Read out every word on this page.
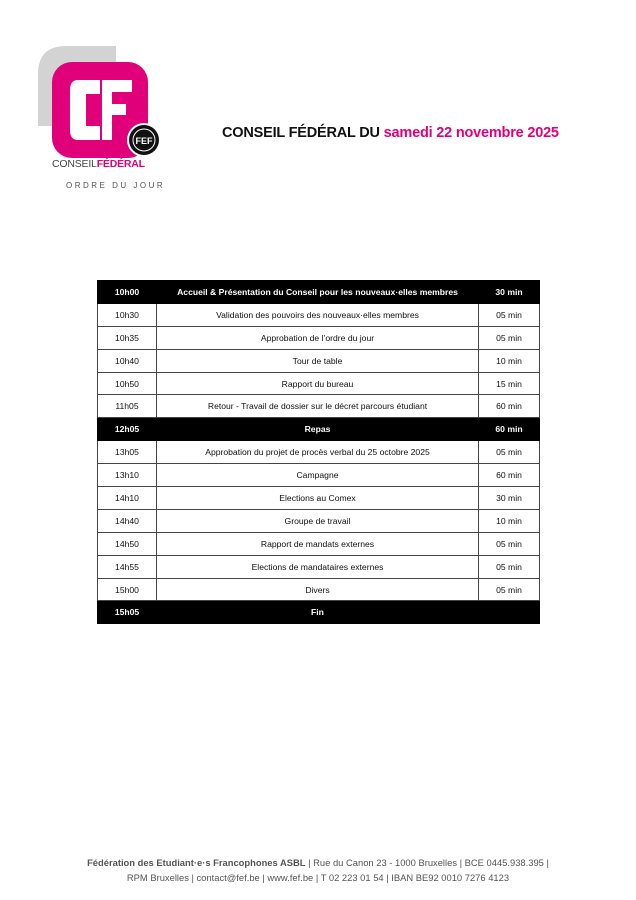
FEF
CONSEILFÉDÉRAL
ORDRE DU JOUR
CONSEIL FÉDÉRAL DU samedi 22 novembre 2025
10h00	Accueil & Présentation du Conseil pour les nouveaux·elles membres	30 min
10h30	Validation des pouvoirs des nouveaux·elles membres	05 min
10h35	Approbation de l’ordre du jour	05 min
10h40	Tour de table	10 min
10h50	Rapport du bureau	15 min
11h05	Retour - Travail de dossier sur le décret parcours étudiant	60 min
12h05	Repas	60 min
13h05	Approbation du projet de procès verbal du 25 octobre 2025	05 min
13h10	Campagne	60 min
14h10	Elections au Comex	30 min
14h40	Groupe de travail	10 min
14h50	Rapport de mandats externes	05 min
14h55	Elections de mandataires externes	05 min
15h00	Divers	05 min
15h05	Fin	
Fédération des Etudiant·e·s Francophones ASBL | Rue du Canon 23 - 1000 Bruxelles | BCE 0445.938.395 |
RPM Bruxelles | contact@fef.be | www.fef.be | T 02 223 01 54 | IBAN BE92 0010 7276 4123
